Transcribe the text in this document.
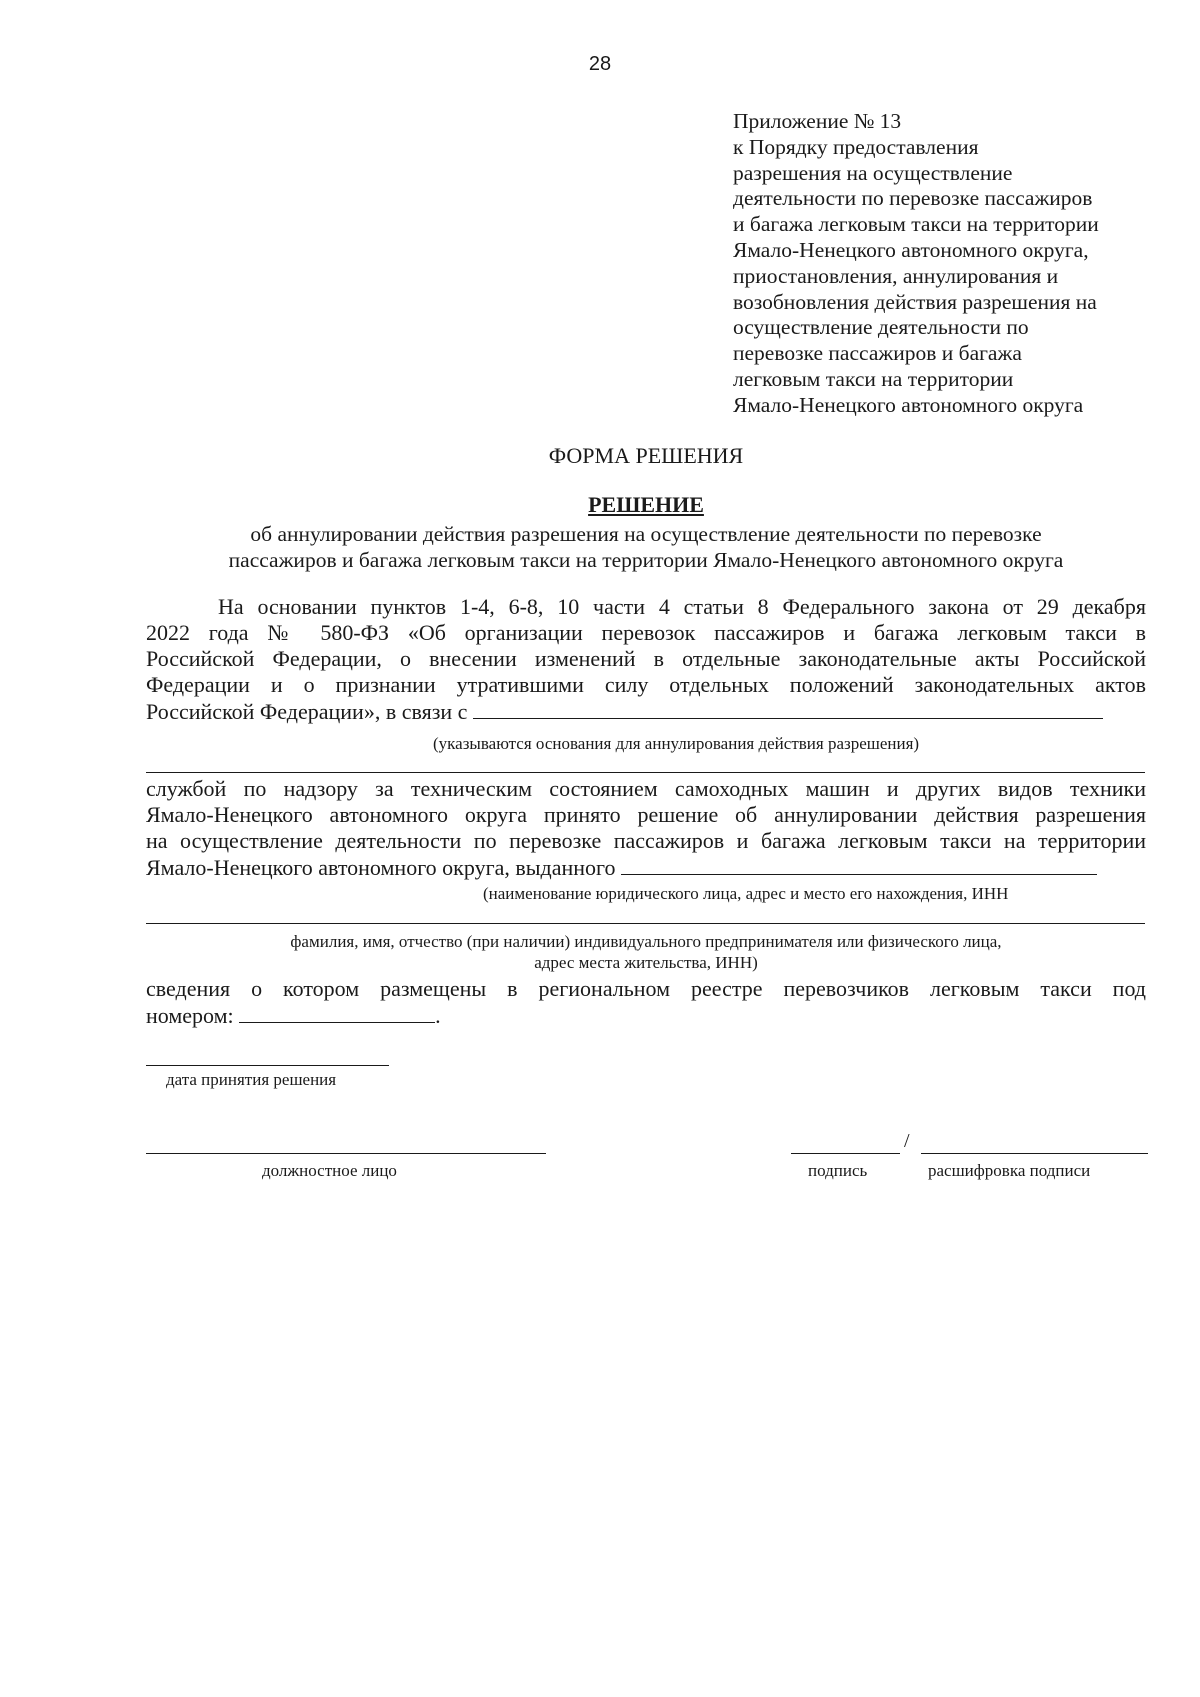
28
Приложение № 13
к Порядку предоставления
разрешения на осуществление
деятельности по перевозке пассажиров
и багажа легковым такси на территории
Ямало-Ненецкого автономного округа,
приостановления, аннулирования и
возобновления действия разрешения на
осуществление деятельности по
перевозке пассажиров и багажа
легковым такси на территории
Ямало-Ненецкого автономного округа
ФОРМА РЕШЕНИЯ
РЕШЕНИЕ
об аннулировании действия разрешения на осуществление деятельности по перевозке
пассажиров и багажа легковым такси на территории Ямало-Ненецкого автономного округа
На основании пунктов 1-4, 6-8, 10 части 4 статьи 8 Федерального закона от 29 декабря
2022 года № 580-ФЗ «Об организации перевозок пассажиров и багажа легковым такси в
Российской Федерации, о внесении изменений в отдельные законодательные акты Российской
Федерации и о признании утратившими силу отдельных положений законодательных актов
Российской Федерации», в связи с
(указываются основания для аннулирования действия разрешения)
службой по надзору за техническим состоянием самоходных машин и других видов техники
Ямало-Ненецкого автономного округа принято решение об аннулировании действия разрешения
на осуществление деятельности по перевозке пассажиров и багажа легковым такси на территории
Ямало-Ненецкого автономного округа, выданного
(наименование юридического лица, адрес и место его нахождения, ИНН
фамилия, имя, отчество (при наличии) индивидуального предпринимателя или физического лица,
адрес места жительства, ИНН)
сведения о котором размещены в региональном реестре перевозчиков легковым такси под
номером:	.
дата принятия решения
должностное лицо
/
подпись	расшифровка подписи
